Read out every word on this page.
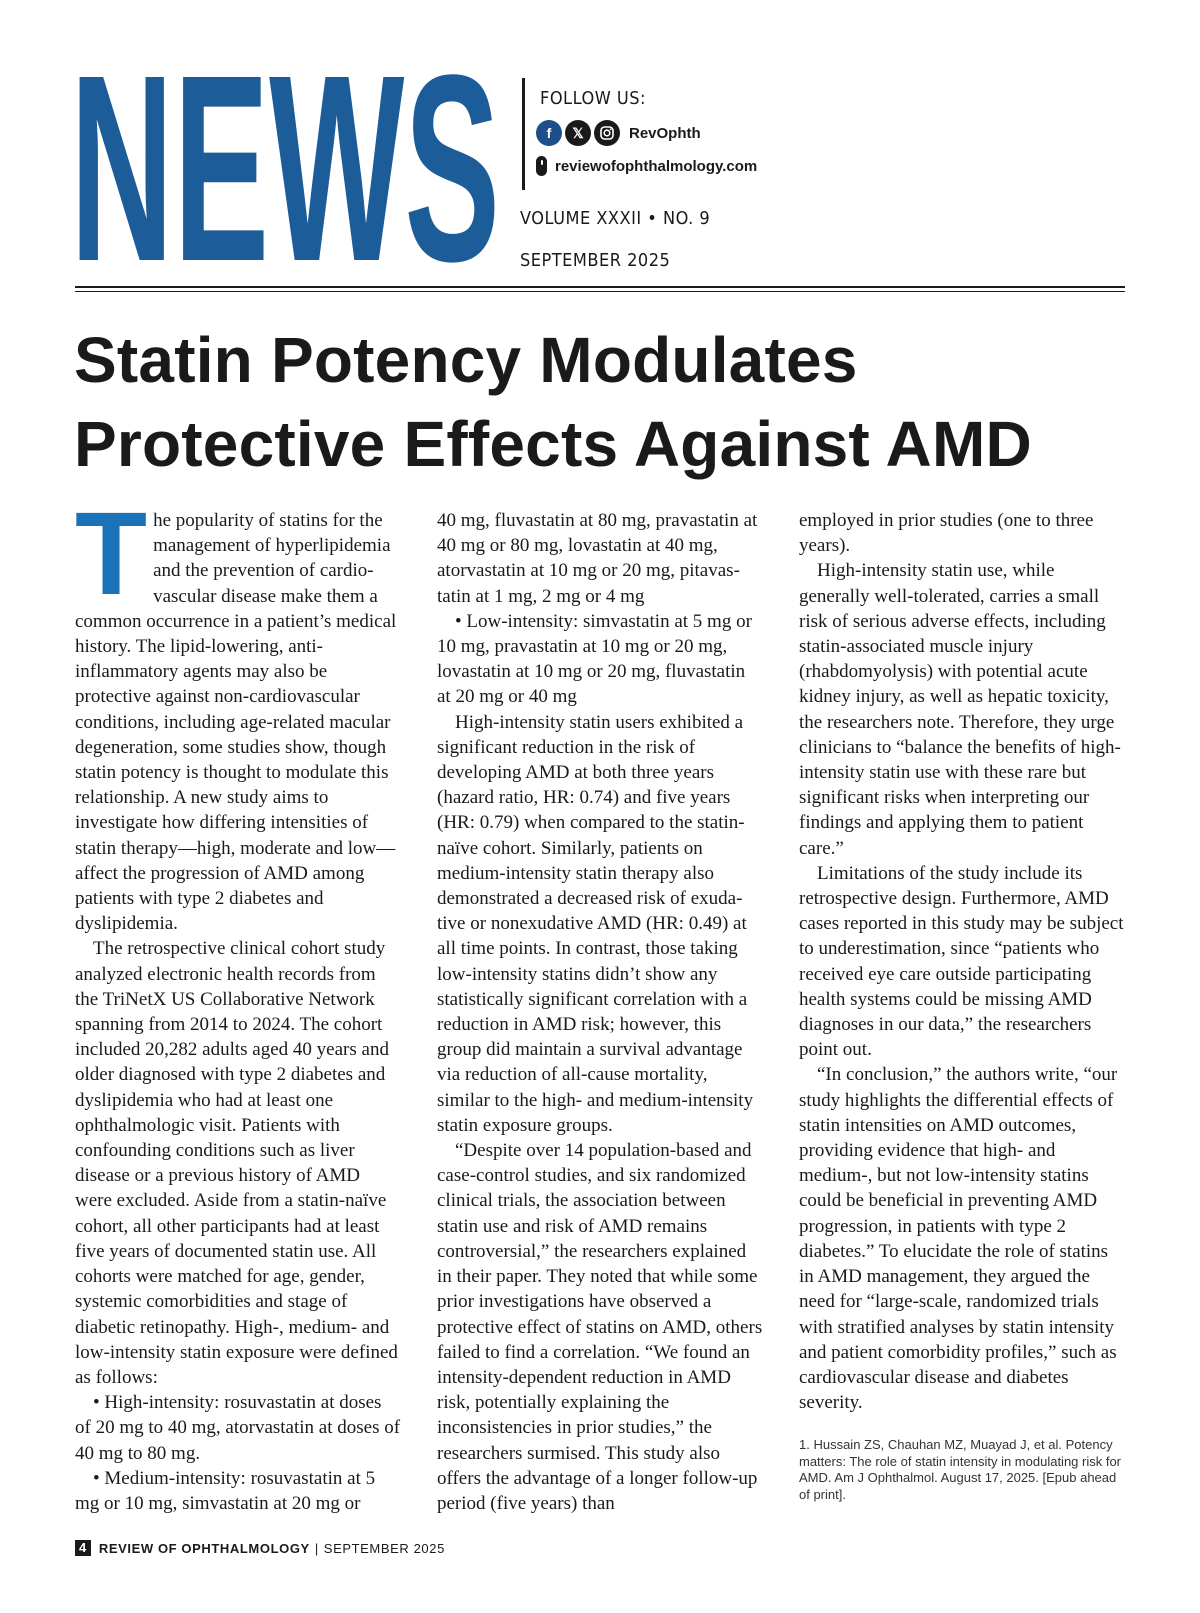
NEWS FOLLOW US:
f	𝕏	RevOphth
reviewofophthalmology.com
VOLUME XXXII • NO. 9
SEPTEMBER 2025
Statin Potency Modulates
Protective Effects Against AMD

The popularity of statins for the management of hyperlipidemia and the prevention of cardiovascular disease make them a common occurrence in a patient’s medical history. The lipid-lowering, anti-inflammatory agents may also be protective against non-cardiovascular conditions, including age-related macular degeneration, some studies show, though statin potency is thought to modulate this relationship. A new study aims to investigate how differing intensities of statin therapy—high, moderate and low—affect the progression of AMD among patients with type 2 diabetes and dyslipidemia.

The retrospective clinical cohort study analyzed electronic health records from the TriNetX US Collaborative Network spanning from 2014 to 2024. The cohort included 20,282 adults aged 40 years and older diagnosed with type 2 diabetes and dyslipidemia who had at least one ophthalmologic visit. Patients with confounding conditions such as liver disease or a previous history of AMD were excluded. Aside from a statin-naïve cohort, all other participants had at least five years of documented statin use. All cohorts were matched for age, gender, systemic comorbidities and stage of diabetic retinopathy. High-, medium- and low-intensity statin exposure were defined as follows:

• High-intensity: rosuvastatin at doses of 20 mg to 40 mg, atorvastatin at doses of 40 mg to 80 mg.

• Medium-intensity: rosuvastatin at 5 mg or 10 mg, simvastatin at 20 mg or

40 mg, fluvastatin at 80 mg, pravastatin at 40 mg or 80 mg, lovastatin at 40 mg, atorvastatin at 10 mg or 20 mg, pitavastatin at 1 mg, 2 mg or 4 mg

• Low-intensity: simvastatin at 5 mg or 10 mg, pravastatin at 10 mg or 20 mg, lovastatin at 10 mg or 20 mg, fluvastatin at 20 mg or 40 mg

High-intensity statin users exhibited a significant reduction in the risk of developing AMD at both three years (hazard ratio, HR: 0.74) and five years (HR: 0.79) when compared to the statin-naïve cohort. Similarly, patients on medium-intensity statin therapy also demonstrated a decreased risk of exudative or nonexudative AMD (HR: 0.49) at all time points. In contrast, those taking low-intensity statins didn’t show any statistically significant correlation with a reduction in AMD risk; however, this group did maintain a survival advantage via reduction of all-cause mortality, similar to the high- and medium-intensity statin exposure groups.

“Despite over 14 population-based and case-control studies, and six randomized clinical trials, the association between statin use and risk of AMD remains controversial,” the researchers explained in their paper. They noted that while some prior investigations have observed a protective effect of statins on AMD, others failed to find a correlation. “We found an intensity-dependent reduction in AMD risk, potentially explaining the inconsistencies in prior studies,” the researchers surmised. This study also offers the advantage of a longer follow-up period (five years) than

employed in prior studies (one to three years).

High-intensity statin use, while generally well-tolerated, carries a small risk of serious adverse effects, including statin-associated muscle injury (rhabdomyolysis) with potential acute kidney injury, as well as hepatic toxicity, the researchers note. Therefore, they urge clinicians to “balance the benefits of high-intensity statin use with these rare but significant risks when interpreting our findings and applying them to patient care.”

Limitations of the study include its retrospective design. Furthermore, AMD cases reported in this study may be subject to underestimation, since “patients who received eye care outside participating health systems could be missing AMD diagnoses in our data,” the researchers point out.

“In conclusion,” the authors write, “our study highlights the differential effects of statin intensities on AMD outcomes, providing evidence that high- and medium-, but not low-intensity statins could be beneficial in preventing AMD progression, in patients with type 2 diabetes.” To elucidate the role of statins in AMD management, they argued the need for “large-scale, randomized trials with stratified analyses by statin intensity and patient comorbidity profiles,” such as cardiovascular disease and diabetes severity.

1. Hussain ZS, Chauhan MZ, Muayad J, et al. Potency matters: The role of statin intensity in modulating risk for AMD. Am J Ophthalmol. August 17, 2025. [Epub ahead of print].
4 REVIEW OF OPHTHALMOLOGY | SEPTEMBER 2025
